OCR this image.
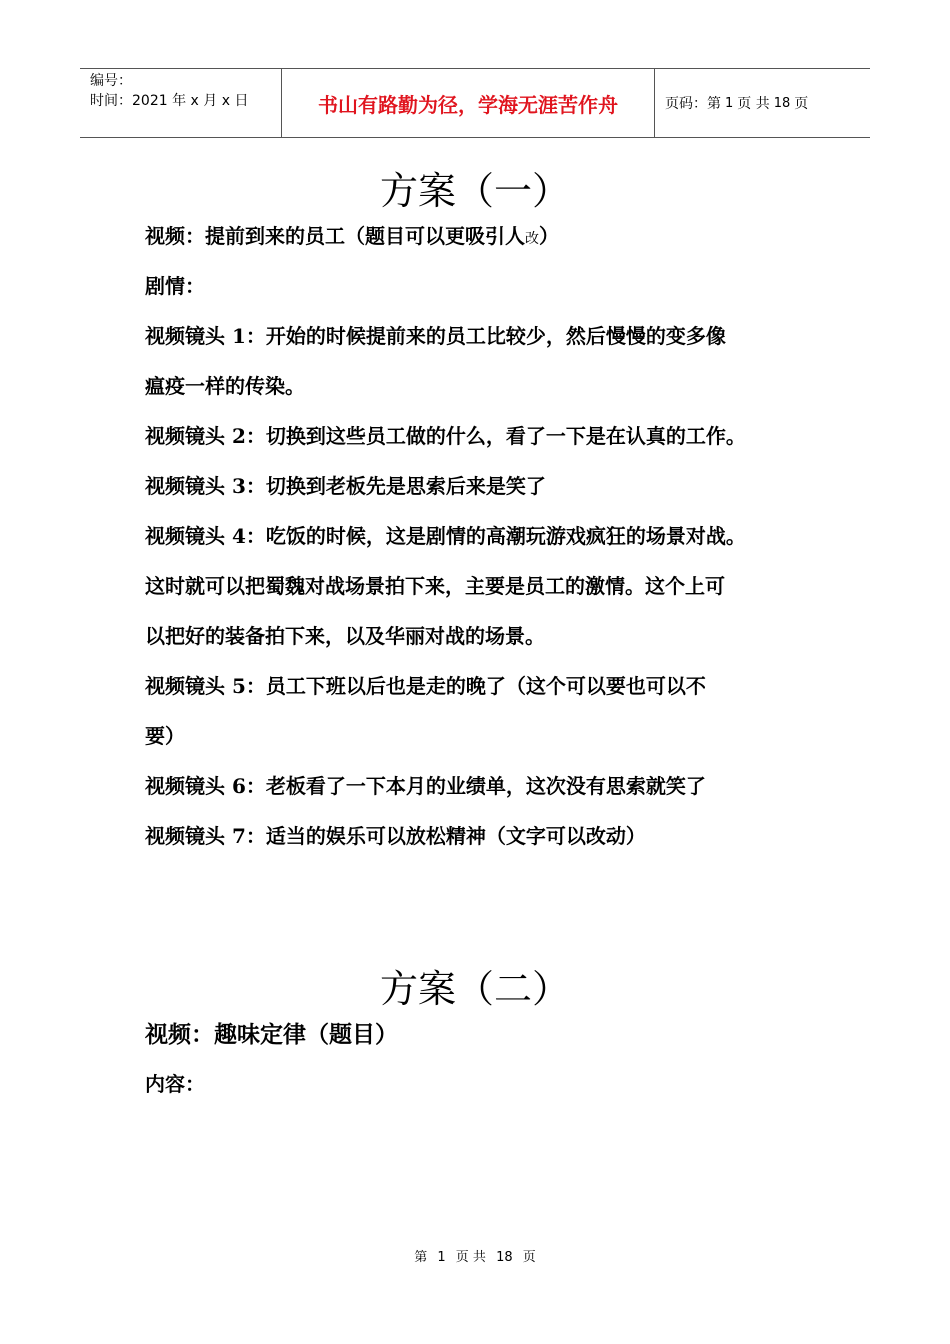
编号：
时间：2021 年 x 月 x 日	书山有路勤为径，学海无涯苦作舟	页码：第 1 页 共 18 页
方案（一）
视频：提前到来的员工（题目可以更吸引人改）
剧情：
视频镜头 1：开始的时候提前来的员工比较少，然后慢慢的变多像
瘟疫一样的传染。
视频镜头 2：切换到这些员工做的什么，看了一下是在认真的工作。
视频镜头 3：切换到老板先是思索后来是笑了
视频镜头 4：吃饭的时候，这是剧情的高潮玩游戏疯狂的场景对战。
这时就可以把蜀魏对战场景拍下来，主要是员工的激情。这个上可
以把好的装备拍下来，以及华丽对战的场景。
视频镜头 5：员工下班以后也是走的晚了（这个可以要也可以不
要）
视频镜头 6：老板看了一下本月的业绩单，这次没有思索就笑了
视频镜头 7：适当的娱乐可以放松精神（文字可以改动）
方案（二）
视频：趣味定律（题目）
内容：
第 1 页 共 18 页
